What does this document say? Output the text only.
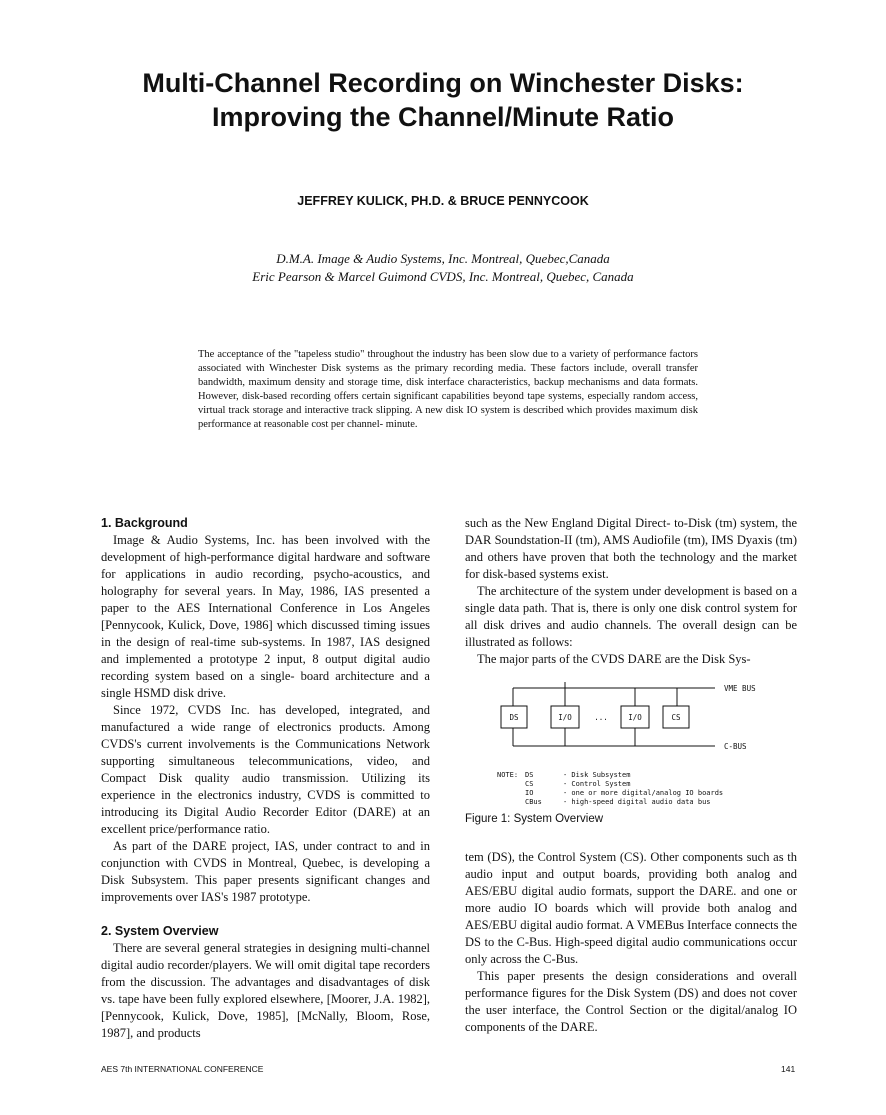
Multi-Channel Recording on Winchester Disks:
Improving the Channel/Minute Ratio
JEFFREY KULICK, PH.D. & BRUCE PENNYCOOK
D.M.A. Image & Audio Systems, Inc. Montreal, Quebec,Canada
Eric Pearson & Marcel Guimond CVDS, Inc. Montreal, Quebec, Canada
The acceptance of the "tapeless studio" throughout the industry has been slow due to a variety of performance factors associated with Winchester Disk systems as the primary recording media. These factors include, overall transfer bandwidth, maximum density and storage time, disk interface characteristics, backup mechanisms and data formats. However, disk-based recording offers certain significant capabilities beyond tape systems, especially random access, virtual track storage and interactive track slipping. A new disk IO system is described which provides maximum disk performance at reasonable cost per channel- minute.
1. Background

Image & Audio Systems, Inc. has been involved with the development of high-performance digital hardware and software for applications in audio recording, psycho-acoustics, and holography for several years. In May, 1986, IAS presented a paper to the AES International Conference in Los Angeles [Pennycook, Kulick, Dove, 1986] which discussed timing issues in the design of real-time sub-systems. In 1987, IAS designed and implemented a prototype 2 input, 8 output digital audio recording system based on a single- board architecture and a single HSMD disk drive.

Since 1972, CVDS Inc. has developed, integrated, and manufactured a wide range of electronics products. Among CVDS's current involvements is the Communications Network supporting simultaneous telecommunications, video, and Compact Disk quality audio transmission. Utilizing its experience in the electronics industry, CVDS is committed to introducing its Digital Audio Recorder Editor (DARE) at an excellent price/performance ratio.

As part of the DARE project, IAS, under contract to and in conjunction with CVDS in Montreal, Quebec, is developing a Disk Subsystem. This paper presents significant changes and improvements over IAS's 1987 prototype.

2. System Overview

There are several general strategies in designing multi-channel digital audio recorder/players. We will omit digital tape recorders from the discussion. The advantages and disadvantages of disk vs. tape have been fully explored elsewhere, [Moorer, J.A. 1982], [Pennycook, Kulick, Dove, 1985], [McNally, Bloom, Rose, 1987], and products

such as the New England Digital Direct- to-Disk (tm) system, the DAR Soundstation-II (tm), AMS Audiofile (tm), IMS Dyaxis (tm) and others have proven that both the technology and the market for disk-based systems exist.

The architecture of the system under development is based on a single data path. That is, there is only one disk control system for all disk drives and audio channels. The overall design can be illustrated as follows:

The major parts of the CVDS DARE are the Disk Sys-

DS	I/O	...	I/O	CS
VME BUS
C-BUS
NOTE: DS	- Disk Subsystem
CS	- Control System
IO	- one or more digital/analog IO boards
CBus	- high-speed digital audio data bus
Figure 1: System Overview

tem (DS), the Control System (CS). Other components such as th audio input and output boards, providing both analog and AES/EBU digital audio formats, support the DARE. and one or more audio IO boards which will provide both analog and AES/EBU digital audio format. A VMEBus Interface connects the DS to the C-Bus. High-speed digital audio communications occur only across the C-Bus.

This paper presents the design considerations and overall performance figures for the Disk System (DS) and does not cover the user interface, the Control Section or the digital/analog IO components of the DARE.

AES 7th INTERNATIONAL CONFERENCE	141
